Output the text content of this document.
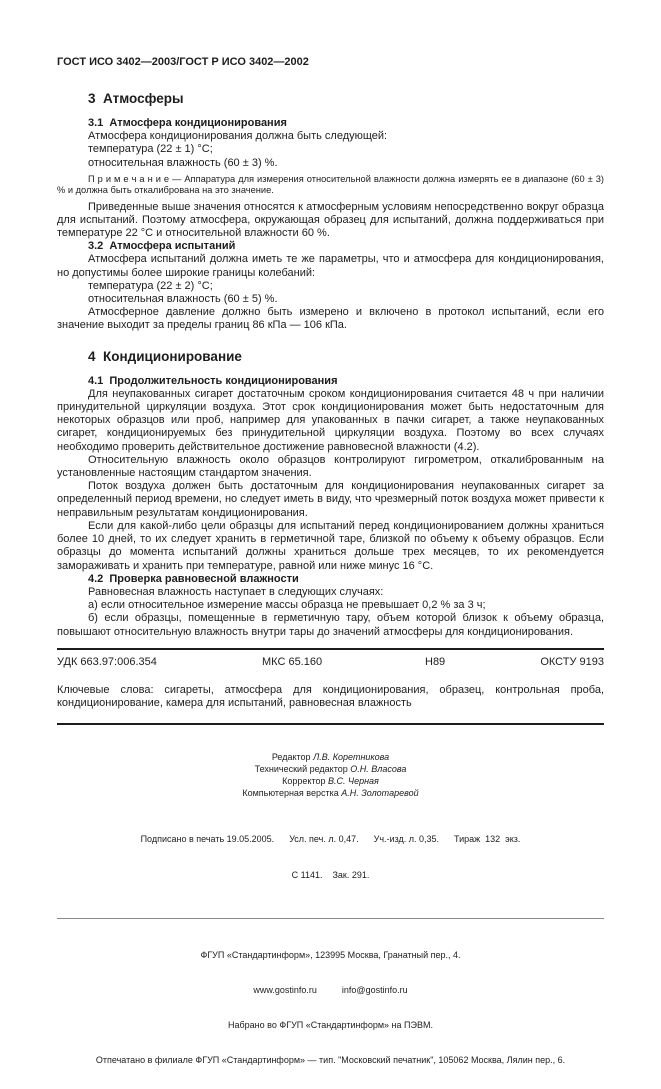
ГОСТ ИСО 3402—2003/ГОСТ Р ИСО 3402—2002
3  Атмосферы
3.1  Атмосфера кондиционирования

Атмосфера кондиционирования должна быть следующей:

температура (22 ± 1) °С;

относительная влажность (60 ± 3) %.

П р и м е ч а н и е — Аппаратура для измерения относительной влажности должна измерять ее в диапазоне (60 ± 3) % и должна быть откалибрована на это значение.

Приведенные выше значения относятся к атмосферным условиям непосредственно вокруг образца для испытаний. Поэтому атмосфера, окружающая образец для испытаний, должна поддерживаться при температуре 22 °С и относительной влажности 60 %.

3.2  Атмосфера испытаний

Атмосфера испытаний должна иметь те же параметры, что и атмосфера для кондиционирования, но допустимы более широкие границы колебаний:

температура (22 ± 2) °С;

относительная влажность (60 ± 5) %.

Атмосферное давление должно быть измерено и включено в протокол испытаний, если его значение выходит за пределы границ 86 кПа — 106 кПа.

4  Кондиционирование
4.1  Продолжительность кондиционирования

Для неупакованных сигарет достаточным сроком кондиционирования считается 48 ч при наличии принудительной циркуляции воздуха. Этот срок кондиционирования может быть недостаточным для некоторых образцов или проб, например для упакованных в пачки сигарет, а также неупакованных сигарет, кондиционируемых без принудительной циркуляции воздуха. Поэтому во всех случаях необходимо проверить действительное достижение равновесной влажности (4.2).

Относительную влажность около образцов контролируют гигрометром, откалиброванным на установленные настоящим стандартом значения.

Поток воздуха должен быть достаточным для кондиционирования неупакованных сигарет за определенный период времени, но следует иметь в виду, что чрезмерный поток воздуха может привести к неправильным результатам кондиционирования.

Если для какой-либо цели образцы для испытаний перед кондиционированием должны храниться более 10 дней, то их следует хранить в герметичной таре, близкой по объему к объему образцов. Если образцы до момента испытаний должны храниться дольше трех месяцев, то их рекомендуется замораживать и хранить при температуре, равной или ниже минус 16 °С.

4.2  Проверка равновесной влажности

Равновесная влажность наступает в следующих случаях:

а) если относительное измерение массы образца не превышает 0,2 % за 3 ч;

б) если образцы, помещенные в герметичную тару, объем которой близок к объему образца, повышают относительную влажность внутри тары до значений атмосферы для кондиционирования.

УДК 663.97:006.354	МКС 65.160	Н89	ОКСТУ 9193

Ключевые слова: сигареты, атмосфера для кондиционирования, образец, контрольная проба, кондиционирование, камера для испытаний, равновесная влажность

Редактор Л.В. Коретникова
Технический редактор О.Н. Власова
Корректор В.С. Черная
Компьютерная верстка А.Н. Золотаревой

Подписано в печать 19.05.2005.      Усл. печ. л. 0,47.      Уч.-изд. л. 0,35.      Тираж  132  экз.

С 1141.    Зак. 291.

ФГУП «Стандартинформ», 123995 Москва, Гранатный пер., 4.

www.gostinfo.ru          info@gostinfo.ru

Набрано во ФГУП «Стандартинформ» на ПЭВМ.

Отпечатано в филиале ФГУП «Стандартинформ» — тип. "Московский печатник", 105062 Москва, Лялин пер., 6.
